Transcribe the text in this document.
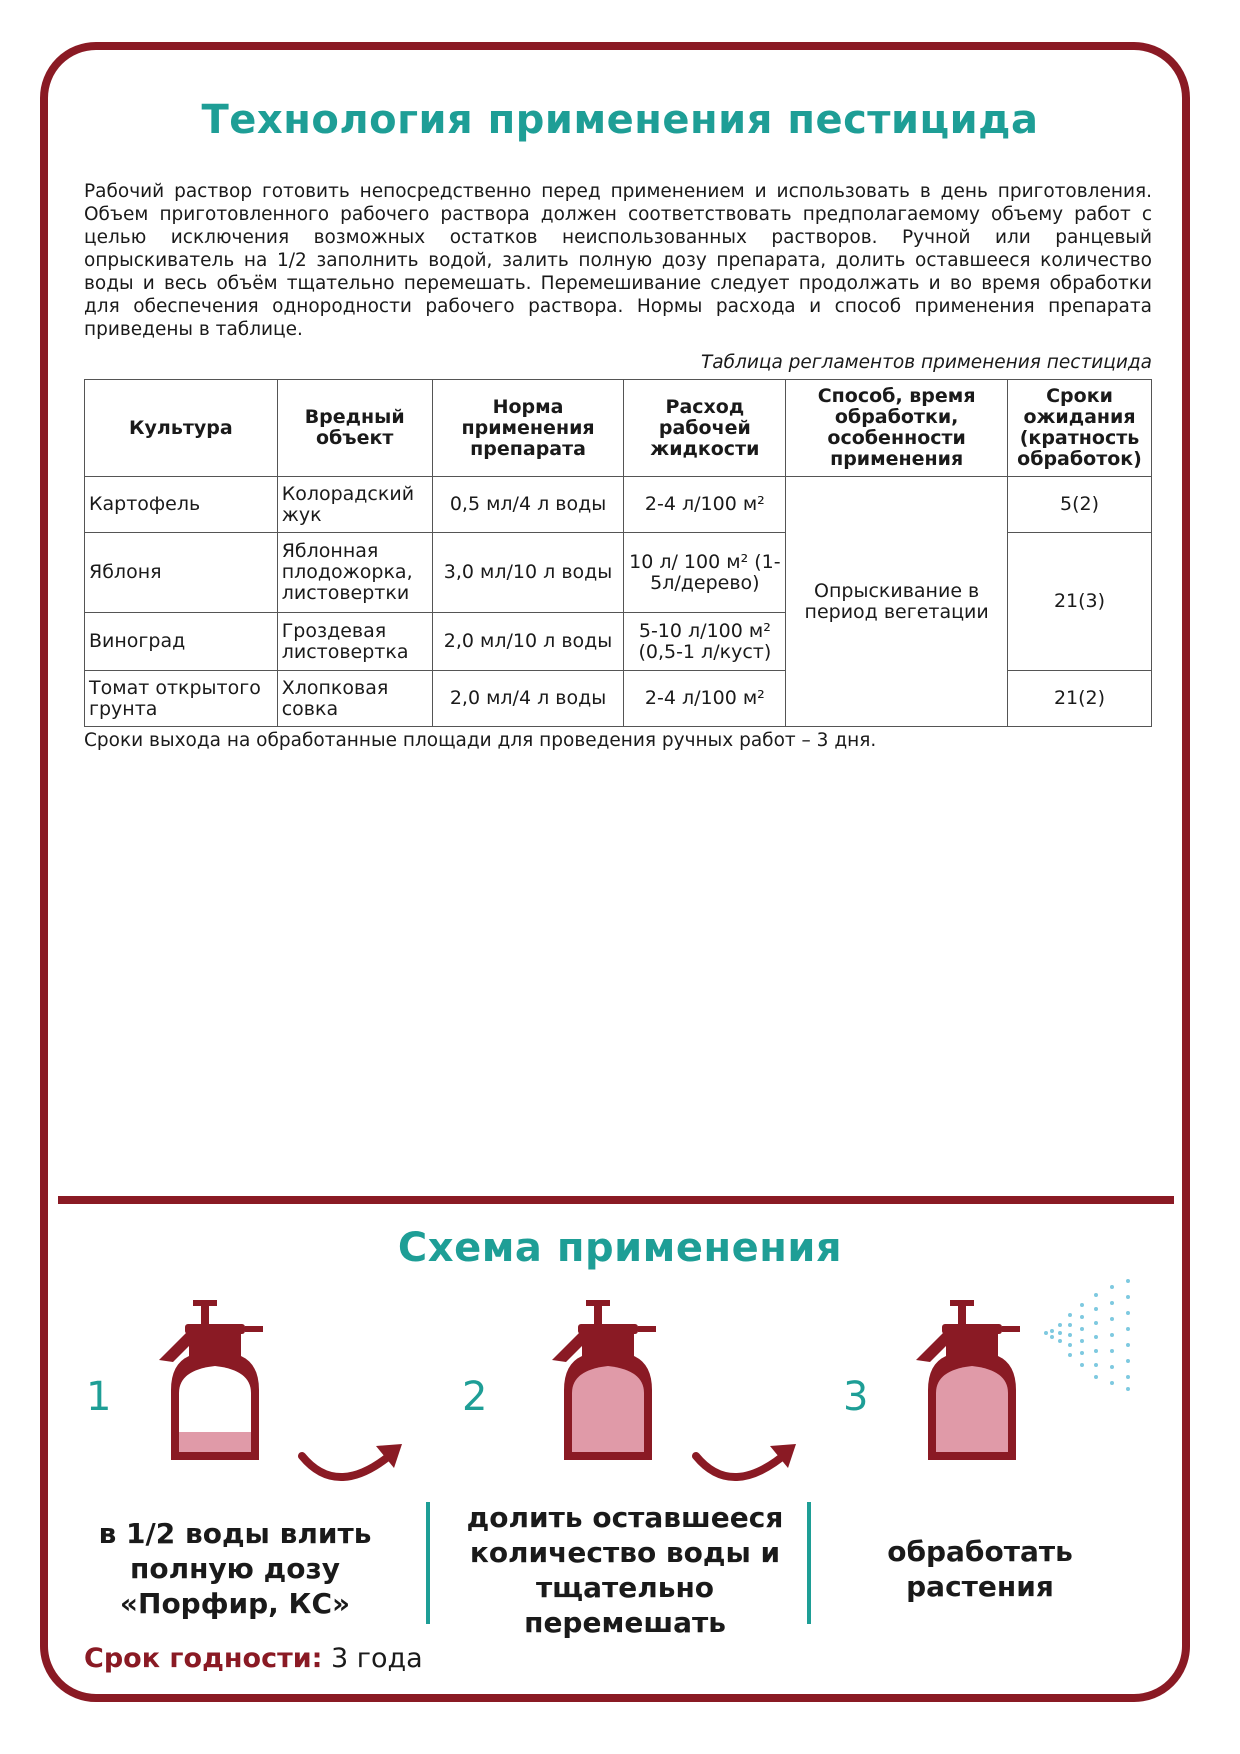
Технология применения пестицида

Рабочий раствор готовить непосредственно перед применением и использовать в день приготовления. Объем приготовленного рабочего раствора должен соответствовать предполагаемому объему работ с целью исключения возможных остатков неиспользованных растворов. Ручной или ранцевый опрыскиватель на 1/2 заполнить водой, залить полную дозу препарата, долить оставшееся количество воды и весь объём тщательно перемешать. Перемешивание следует продолжать и во время обработки для обеспечения однородности рабочего раствора. Нормы расхода и способ применения препарата приведены в таблице.

Таблица регламентов применения пестицида
Культура	Вредный объект	Норма применения препарата	Расход рабочей жидкости	Способ, время обработки, особенности применения	Сроки ожидания (кратность обработок)
Картофель	Колорадский жук	0,5 мл/4 л воды	2-4 л/100 м²	Опрыскивание в период вегетации	5(2)
Яблоня	Яблонная плодожорка, листовертки	3,0 мл/10 л воды	10 л/ 100 м² (1-5л/дерево)		21(3)
Виноград	Гроздевая листовертка	2,0 мл/10 л воды	5-10 л/100 м² (0,5-1 л/куст)		
Томат открытого грунта	Хлопковая совка	2,0 мл/4 л воды	2-4 л/100 м²		21(2)
Сроки выхода на обработанные площади для проведения ручных работ – 3 дня.
Схема применения
1	2	3
в 1/2 воды влить полную дозу «Порфир, КС»
долить оставшееся количество воды и тщательно перемешать
обработать растения
Срок годности: 3 года
